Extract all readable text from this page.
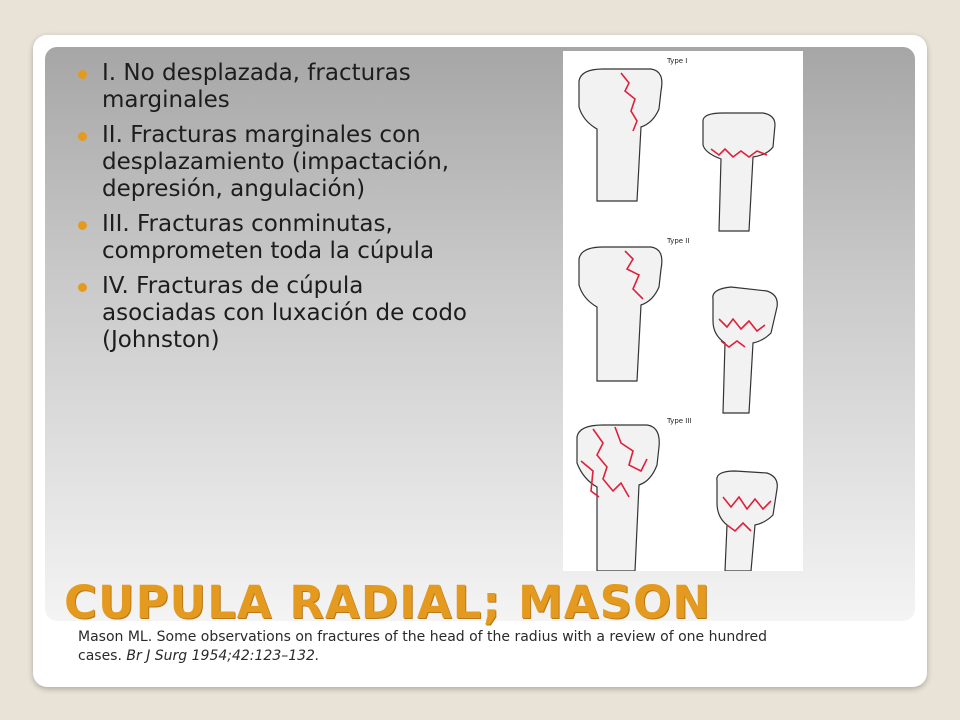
I. No desplazada, fracturas marginales
II. Fracturas marginales con desplazamiento (impactación, depresión, angulación)
III. Fracturas conminutas, comprometen toda la cúpula
IV. Fracturas de cúpula asociadas con luxación de codo (Johnston)
Type I
Type II
Type III
CUPULA RADIAL; MASON
Mason ML. Some observations on fractures of the head of the radius with a review of one hundred cases. Br J Surg 1954;42:123–132.
